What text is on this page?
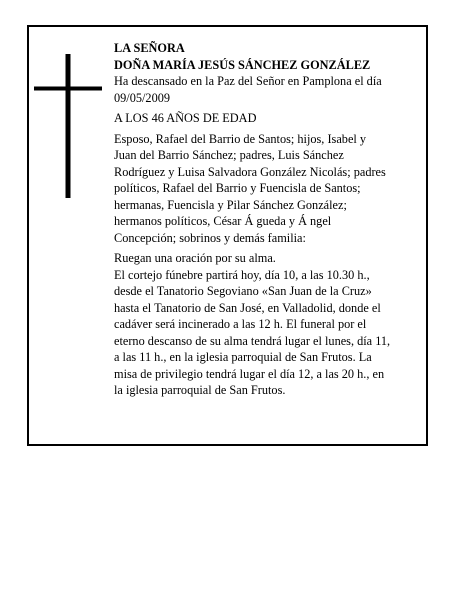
LA SEÑORA

DOÑA MARÍA JESÚS SÁNCHEZ GONZÁLEZ

Ha descansado en la Paz del Señor en Pamplona el día

09/05/2009

A LOS 46 AÑOS DE EDAD

Esposo, Rafael del Barrio de Santos; hijos, Isabel y

Juan del Barrio Sánchez; padres, Luis Sánchez

Rodríguez y Luisa Salvadora González Nicolás; padres

políticos, Rafael del Barrio y Fuencisla de Santos;

hermanas, Fuencisla y Pilar Sánchez González;

hermanos políticos, César Á gueda y Á ngel

Concepción; sobrinos y demás familia:

Ruegan una oración por su alma.

El cortejo fúnebre partirá hoy, día 10, a las 10.30 h.,

desde el Tanatorio Segoviano «San Juan de la Cruz»

hasta el Tanatorio de San José, en Valladolid, donde el

cadáver será incinerado a las 12 h. El funeral por el

eterno descanso de su alma tendrá lugar el lunes, día 11,

a las 11 h., en la iglesia parroquial de San Frutos. La

misa de privilegio tendrá lugar el día 12, a las 20 h., en

la iglesia parroquial de San Frutos.
